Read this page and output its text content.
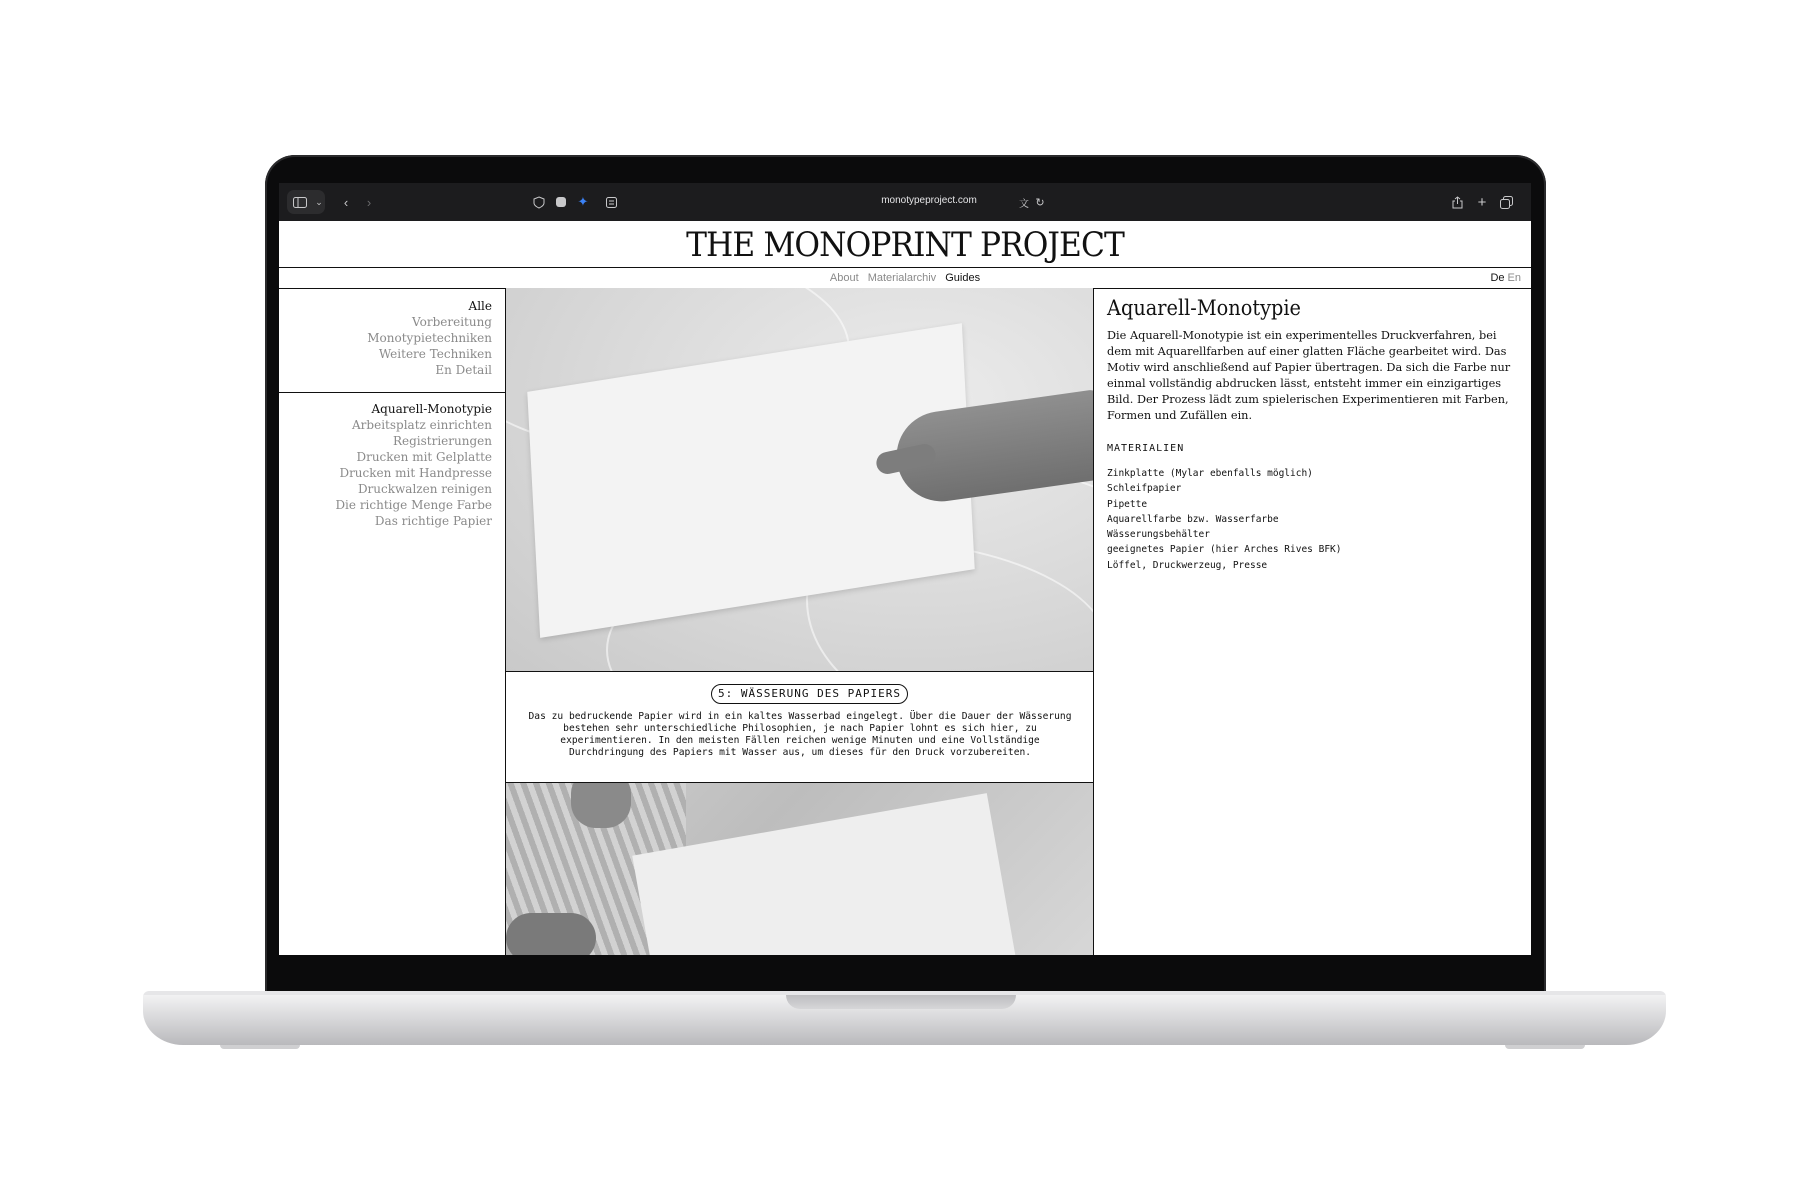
⌄	‹	›	✦	monotypeproject.com	文 ↻	+
THE MONOPRINT PROJECT
About Materialarchiv Guides	De En
Alle
Vorbereitung
Monotypietechniken
Weitere Techniken
En Detail
Aquarell-Monotypie
Arbeitsplatz einrichten
Registrierungen
Drucken mit Gelplatte
Drucken mit Handpresse
Druckwalzen reinigen
Die richtige Menge Farbe
Das richtige Papier
5: WÄSSERUNG DES PAPIERS
Das zu bedruckende Papier wird in ein kaltes Wasserbad eingelegt. Über die Dauer der Wässerung bestehen sehr unterschiedliche Philosophien, je nach Papier lohnt es sich hier, zu experimentieren. In den meisten Fällen reichen wenige Minuten und eine Vollständige Durchdringung des Papiers mit Wasser aus, um dieses für den Druck vorzubereiten.
Aquarell-Monotypie
Die Aquarell-Monotypie ist ein experimentelles Druckverfahren, bei dem mit Aquarellfarben auf einer glatten Fläche gearbeitet wird. Das Motiv wird anschließend auf Papier übertragen. Da sich die Farbe nur einmal vollständig abdrucken lässt, entsteht immer ein einzigartiges Bild. Der Prozess lädt zum spielerischen Experimentieren mit Farben, Formen und Zufällen ein.
MATERIALIEN
Zinkplatte (Mylar ebenfalls möglich)
Schleifpapier
Pipette
Aquarellfarbe bzw. Wasserfarbe
Wässerungsbehälter
geeignetes Papier (hier Arches Rives BFK)
Löffel, Druckwerzeug, Presse
